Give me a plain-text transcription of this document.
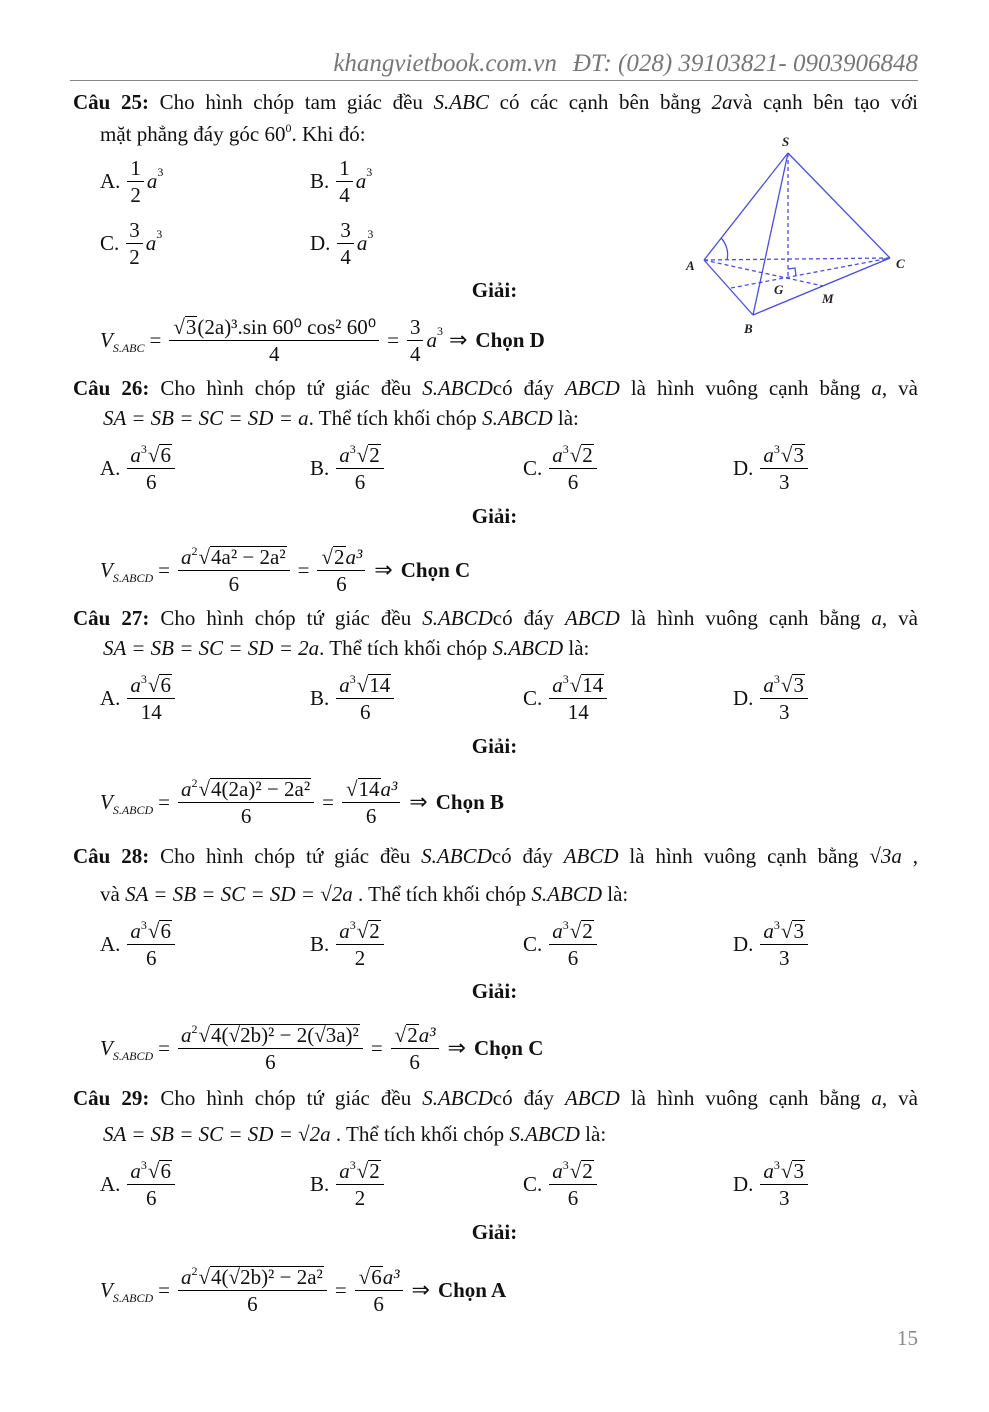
khangvietbook.com.vn ĐT: (028) 39103821- 0903906848
Câu 25: Cho hình chóp tam giác đều S.ABC có các cạnh bên bằng 2avà cạnh bên tạo với
mặt phẳng đáy góc $60^0$. Khi đó:
A. $\frac{1}{2} a^3$	B. $\frac{1}{4} a^3$
C. $\frac{3}{2} a^3$	D. $\frac{3}{4} a^3$
S
A	C
B
G
M
Giải:
$V_{S.ABC} = \frac{\text{√3(2a)³.sin 60⁰ cos² 60⁰}}{4} = \frac{3}{4} a^3$ ⇒ Chọn D
Câu 26: Cho hình chóp tứ giác đều S.ABCDcó đáy ABCD là hình vuông cạnh bằng a, và
SA = SB = SC = SD = a. Thể tích khối chóp S.ABCD là:
A. $\frac{a^3√6}{6}$	B. $\frac{a^3√2}{6}$	C. $\frac{a^3√2}{6}$	D. $\frac{a^3√3}{3}$
Giải:
$V_{S.ABCD} = \frac{a^2√4a^2 - 2a^2}{6} = \frac{\text{√2a³}}{6}$ ⇒ Chọn C
Câu 27: Cho hình chóp tứ giác đều S.ABCDcó đáy ABCD là hình vuông cạnh bằng a, và
SA = SB = SC = SD = 2a. Thể tích khối chóp S.ABCD là:
A. $\frac{a^3√6}{14}$	B. $\frac{a^3√14}{6}$	C. $\frac{a^3√14}{14}$	D. $\frac{a^3√3}{3}$
Giải:
$V_{S.ABCD} = \frac{a^2√4(2a)^2 - 2a^2}{6} = \frac{\text{√14a³}}{6}$ ⇒ Chọn B
Câu 28: Cho hình chóp tứ giác đều S.ABCDcó đáy ABCD là hình vuông cạnh bằng √3a ,
và SA = SB = SC = SD = √2a . Thể tích khối chóp S.ABCD là:
A. $\frac{a^3√6}{6}$	B. $\frac{a^3√2}{2}$	C. $\frac{a^3√2}{6}$	D. $\frac{a^3√3}{3}$
Giải:
$V_{S.ABCD} = \frac{a^2√4(√2b)^2 - 2(√3a)^2}{6} = \frac{\text{√2a³}}{6}$ ⇒ Chọn C
Câu 29: Cho hình chóp tứ giác đều S.ABCDcó đáy ABCD là hình vuông cạnh bằng a, và
SA = SB = SC = SD = √2a . Thể tích khối chóp S.ABCD là:
A. $\frac{a^3√6}{6}$	B. $\frac{a^3√2}{2}$	C. $\frac{a^3√2}{6}$	D. $\frac{a^3√3}{3}$
Giải:
$V_{S.ABCD} = \frac{a^2√4(√2b)^2 - 2a^2}{6} = \frac{\text{√6a³}}{6}$ ⇒ Chọn A
15
